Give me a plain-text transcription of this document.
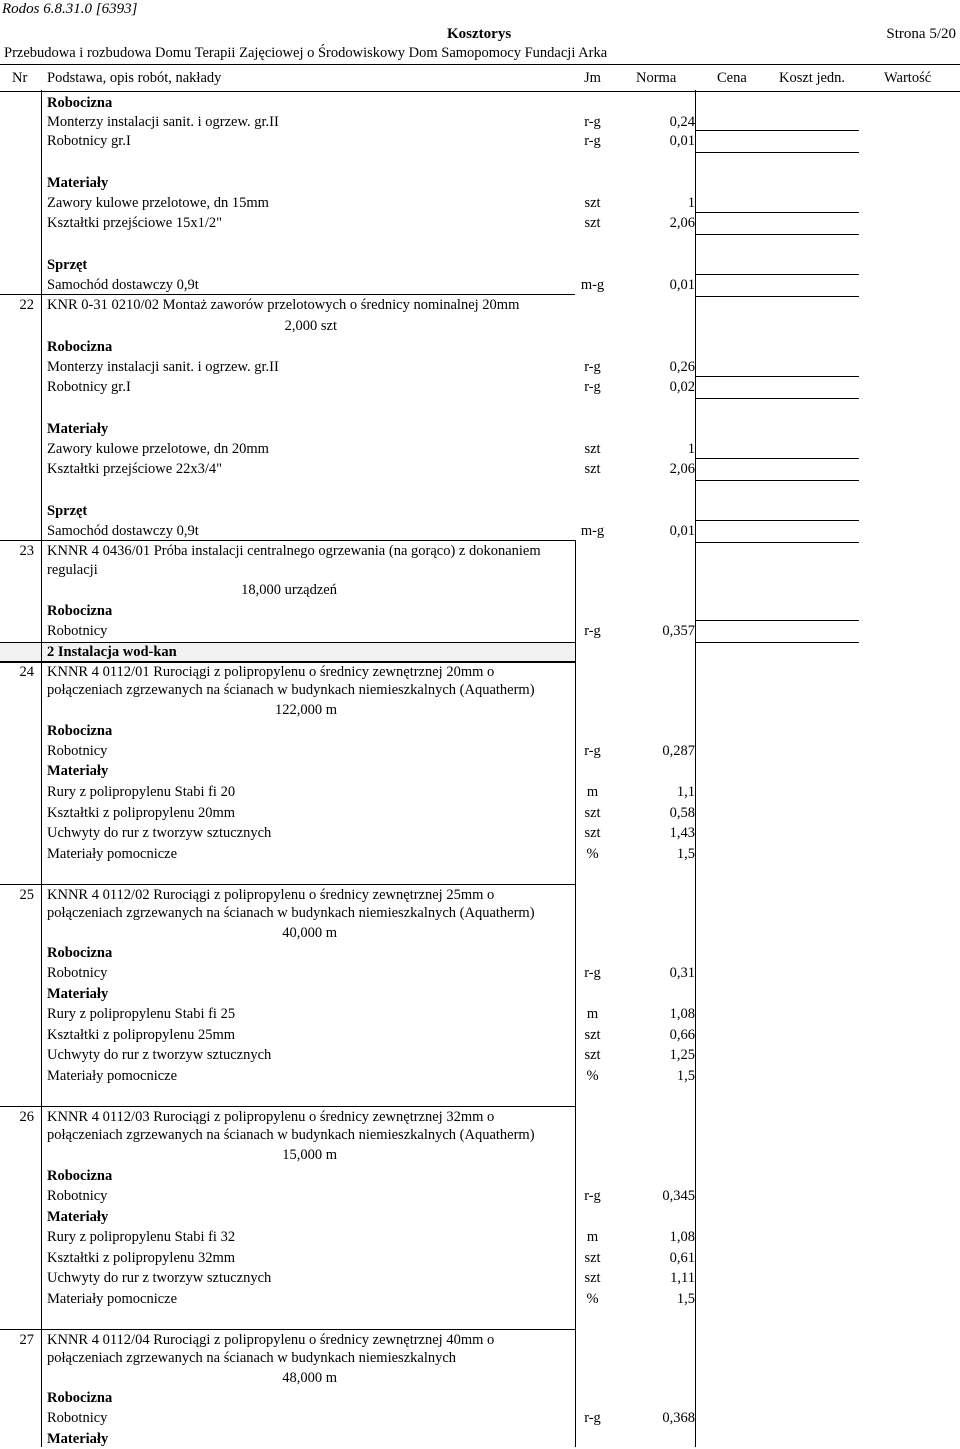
Rodos 6.8.31.0 [6393]
Kosztorys	Strona 5/20
Przebudowa i rozbudowa Domu Terapii Zajęciowej o Środowiskowy Dom Samopomocy Fundacji Arka
Nr Podstawa, opis robót, nakłady	Jm Norma	Cena Koszt jedn.	Wartość
Robocizna
Monterzy instalacji sanit. i ogrzew. gr.II	r-g	0,24
Robotnicy gr.I	r-g	0,01
Materiały
Zawory kulowe przelotowe, dn 15mm	szt	1
Kształtki przejściowe 15x1/2"	szt	2,06
Sprzęt
Samochód dostawczy 0,9t	m-g	0,01
22 KNR 0-31 0210/02 Montaż zaworów przelotowych o średnicy nominalnej 20mm
2,000 szt
Robocizna
Monterzy instalacji sanit. i ogrzew. gr.II	r-g	0,26
Robotnicy gr.I	r-g	0,02
Materiały
Zawory kulowe przelotowe, dn 20mm	szt	1
Kształtki przejściowe 22x3/4"	szt	2,06
Sprzęt
Samochód dostawczy 0,9t	m-g	0,01
23 KNNR 4 0436/01 Próba instalacji centralnego ogrzewania (na gorąco) z dokonaniem
regulacji
18,000 urządzeń
Robocizna
Robotnicy	r-g	0,357
2 Instalacja wod-kan
24 KNNR 4 0112/01 Rurociągi z polipropylenu o średnicy zewnętrznej 20mm o
połączeniach zgrzewanych na ścianach w budynkach niemieszkalnych (Aquatherm)
122,000 m
Robocizna
Robotnicy	r-g	0,287
Materiały
Rury z polipropylenu Stabi fi 20	m	1,1
Kształtki z polipropylenu 20mm	szt	0,58
Uchwyty do rur z tworzyw sztucznych	szt	1,43
Materiały pomocnicze	%	1,5
25 KNNR 4 0112/02 Rurociągi z polipropylenu o średnicy zewnętrznej 25mm o
połączeniach zgrzewanych na ścianach w budynkach niemieszkalnych (Aquatherm)
40,000 m
Robocizna
Robotnicy	r-g	0,31
Materiały
Rury z polipropylenu Stabi fi 25	m	1,08
Kształtki z polipropylenu 25mm	szt	0,66
Uchwyty do rur z tworzyw sztucznych	szt	1,25
Materiały pomocnicze	%	1,5
26 KNNR 4 0112/03 Rurociągi z polipropylenu o średnicy zewnętrznej 32mm o
połączeniach zgrzewanych na ścianach w budynkach niemieszkalnych (Aquatherm)
15,000 m
Robocizna
Robotnicy	r-g	0,345
Materiały
Rury z polipropylenu Stabi fi 32	m	1,08
Kształtki z polipropylenu 32mm	szt	0,61
Uchwyty do rur z tworzyw sztucznych	szt	1,11
Materiały pomocnicze	%	1,5
27 KNNR 4 0112/04 Rurociągi z polipropylenu o średnicy zewnętrznej 40mm o
połączeniach zgrzewanych na ścianach w budynkach niemieszkalnych
48,000 m
Robocizna
Robotnicy	r-g	0,368
Materiały
